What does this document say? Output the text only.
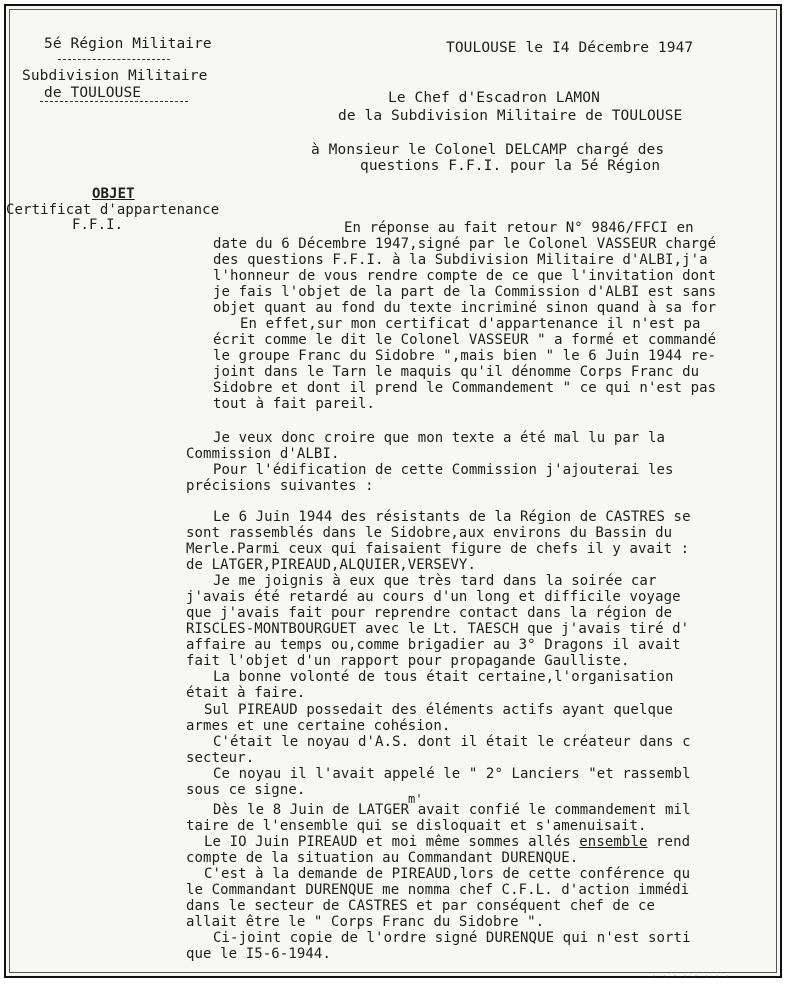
5é Région Militaire
Subdivision Militaire
de TOULOUSE
TOULOUSE le I4 Décembre 1947
Le Chef d'Escadron LAMON
de la Subdivision Militaire de TOULOUSE
à Monsieur le Colonel DELCAMP chargé des
questions F.F.I. pour la 5é Région
OBJET
Certificat d'appartenance
F.F.I.	En réponse au fait retour N° 9846/FFCI en
date du 6 Décembre 1947,signé par le Colonel VASSEUR chargé
des questions F.F.I. à la Subdivision Militaire d'ALBI,j'a
l'honneur de vous rendre compte de ce que l'invitation dont
je fais l'objet de la part de la Commission d'ALBI est sans
objet quant au fond du texte incriminé sinon quand à sa for
En effet,sur mon certificat d'appartenance il n'est pa
écrit comme le dit le Colonel VASSEUR " a formé et commandé
le groupe Franc du Sidobre ",mais bien " le 6 Juin 1944 re-
joint dans le Tarn le maquis qu'il dénomme Corps Franc du
Sidobre et dont il prend le Commandement " ce qui n'est pas
tout à fait pareil.
Je veux donc croire que mon texte a été mal lu par la
Commission d'ALBI.
Pour l'édification de cette Commission j'ajouterai les
précisions suivantes :
Le 6 Juin 1944 des résistants de la Région de CASTRES se
sont rassemblés dans le Sidobre,aux environs du Bassin du
Merle.Parmi ceux qui faisaient figure de chefs il y avait :
de LATGER,PIREAUD,ALQUIER,VERSEVY.
Je me joignis à eux que très tard dans la soirée car
j'avais été retardé au cours d'un long et difficile voyage
que j'avais fait pour reprendre contact dans la région de
RISCLES-MONTBOURGUET avec le Lt. TAESCH que j'avais tiré d'
affaire au temps ou,comme brigadier au 3° Dragons il avait
fait l'objet d'un rapport pour propagande Gaulliste.
La bonne volonté de tous était certaine,l'organisation
était à faire.
Sul PIREAUD possedait des éléments actifs ayant quelque
armes et une certaine cohésion.
C'était le noyau d'A.S. dont il était le créateur dans c
secteur.
Ce noyau il l'avait appelé le " 2° Lanciers "et rassembl
sous ce signe.
m'
Dès le 8 Juin de LATGER avait confié le commandement mil
taire de l'ensemble qui se disloquait et s'amenuisait.
Le IO Juin PIREAUD et moi même sommes allés ensemble rend
compte de la situation au Commandant DURENQUE.
C'est à la demande de PIREAUD,lors de cette conférence qu
le Commandant DURENQUE me nomma chef C.F.L. d'action immédi
dans le secteur de CASTRES et par conséquent chef de ce
allait être le " Corps Franc du Sidobre ".
Ci-joint copie de l'ordre signé DURENQUE qui n'est sorti
que le I5-6-1944.
........
